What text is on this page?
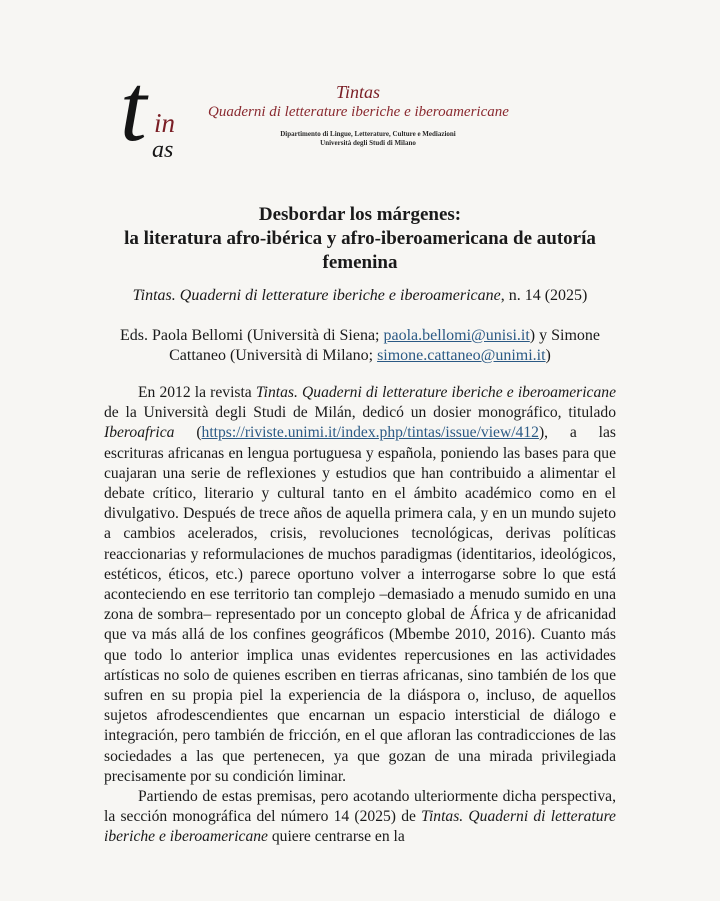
t in
as
Tintas
Quaderni di letterature iberiche e iberoamericane
Dipartimento di Lingue, Letterature, Culture e Mediazioni
Università degli Studi di Milano
Desbordar los márgenes:
la literatura afro-ibérica y afro-iberoamericana de autoría
femenina
Tintas. Quaderni di letterature iberiche e iberoamericane, n. 14 (2025)
Eds. Paola Bellomi (Università di Siena; paola.bellomi@unisi.it) y Simone Cattaneo (Università di Milano; simone.cattaneo@unimi.it)

En 2012 la revista Tintas. Quaderni di letterature iberiche e iberoamericane de la Università degli Studi de Milán, dedicó un dosier monográfico, titulado Iberoafrica (https://riviste.unimi.it/index.php/tintas/issue/view/412), a las escrituras africanas en lengua portuguesa y española, poniendo las bases para que cuajaran una serie de reflexiones y estudios que han contribuido a alimentar el debate crítico, literario y cultural tanto en el ámbito académico como en el divulgativo. Después de trece años de aquella primera cala, y en un mundo sujeto a cambios acelerados, crisis, revoluciones tecnológicas, derivas políticas reaccionarias y reformulaciones de muchos paradigmas (identitarios, ideológicos, estéticos, éticos, etc.) parece oportuno volver a interrogarse sobre lo que está aconteciendo en ese territorio tan complejo –demasiado a menudo sumido en una zona de sombra– representado por un concepto global de África y de africanidad que va más allá de los confines geográficos (Mbembe 2010, 2016). Cuanto más que todo lo anterior implica unas evidentes repercusiones en las actividades artísticas no solo de quienes escriben en tierras africanas, sino también de los que sufren en su propia piel la experiencia de la diáspora o, incluso, de aquellos sujetos afrodescendientes que encarnan un espacio intersticial de diálogo e integración, pero también de fricción, en el que afloran las contradicciones de las sociedades a las que pertenecen, ya que gozan de una mirada privilegiada precisamente por su condición liminar.

Partiendo de estas premisas, pero acotando ulteriormente dicha perspectiva, la sección monográfica del número 14 (2025) de Tintas. Quaderni di letterature iberiche e iberoamericane quiere centrarse en la
